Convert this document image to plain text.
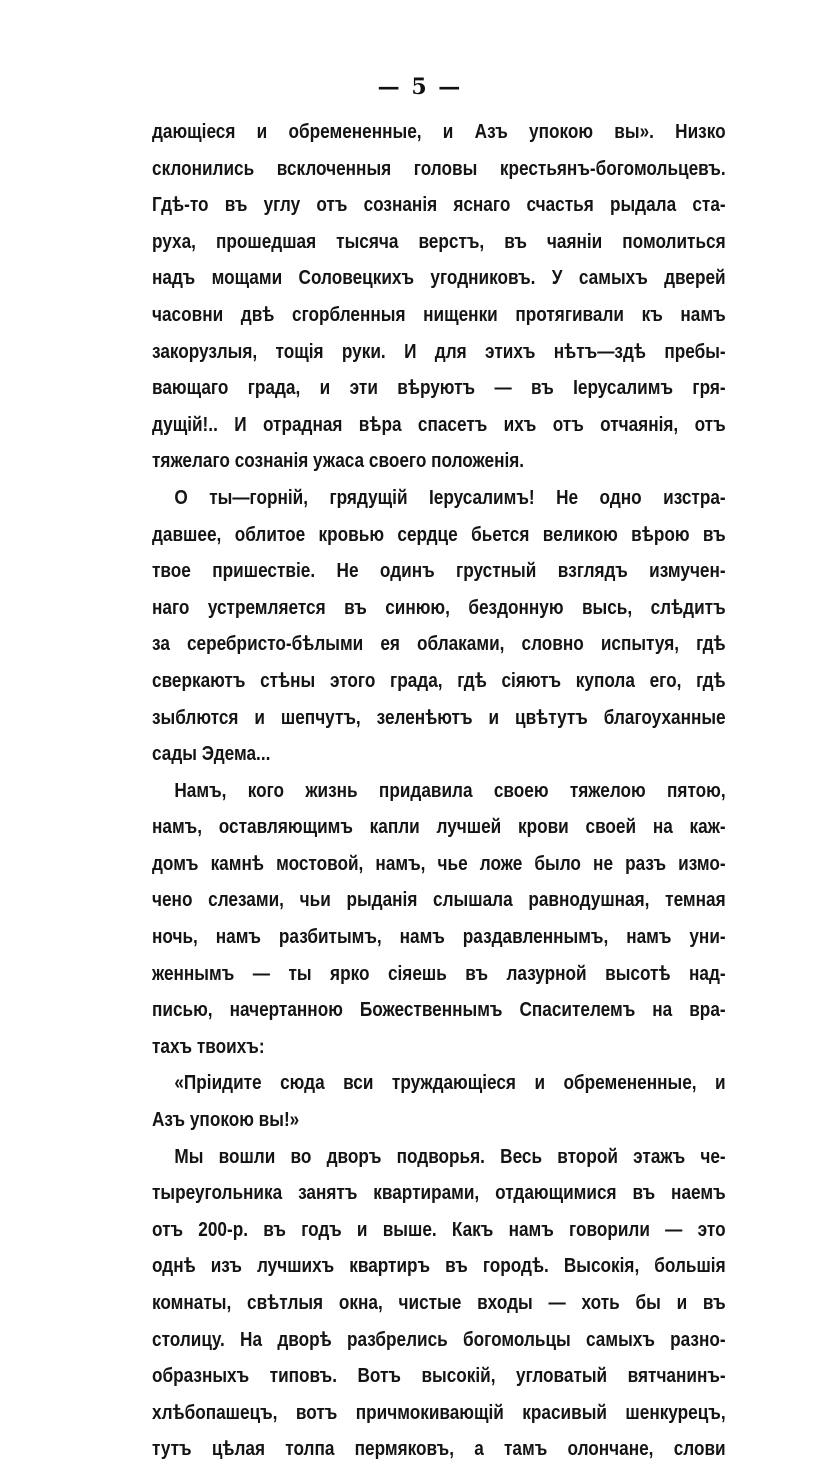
— 5 —
дающіеся и обремененные, и Азъ упокою вы». Низко
склонились всклоченныя головы крестьянъ-богомольцевъ.
Гдѣ-то въ углу отъ сознанія яснаго счастья рыдала ста-
руха, прошедшая тысяча верстъ, въ чаяніи помолиться
надъ мощами Соловецкихъ угодниковъ. У самыхъ дверей
часовни двѣ сгорбленныя нищенки протягивали къ намъ
закорузлыя, тощія руки. И для этихъ нѣтъ—здѣ пребы-
вающаго града, и эти вѣруютъ — въ Іерусалимъ гря-
дущій!.. И отрадная вѣра спасетъ ихъ отъ отчаянія, отъ
тяжелаго сознанія ужаса своего положенія.
О ты—горній, грядущій Іерусалимъ! Не одно изстра-
давшее, облитое кровью сердце бьется великою вѣрою въ
твое пришествіе. Не одинъ грустный взглядъ измучен-
наго устремляется въ синюю, бездонную высь, слѣдитъ
за серебристо-бѣлыми ея облаками, словно испытуя, гдѣ
сверкаютъ стѣны этого града, гдѣ сіяютъ купола его, гдѣ
зыблются и шепчутъ, зеленѣютъ и цвѣтутъ благоуханные
сады Эдема...
Намъ, кого жизнь придавила своею тяжелою пятою,
намъ, оставляющимъ капли лучшей крови своей на каж-
домъ камнѣ мостовой, намъ, чье ложе было не разъ измо-
чено слезами, чьи рыданія слышала равнодушная, темная
ночь, намъ разбитымъ, намъ раздавленнымъ, намъ уни-
женнымъ — ты ярко сіяешь въ лазурной высотѣ над-
писью, начертанною Божественнымъ Спасителемъ на вра-
тахъ твоихъ:
«Пріидите сюда вси труждающіеся и обремененные, и
Азъ упокою вы!»
Мы вошли во дворъ подворья. Весь второй этажъ че-
тыреугольника занятъ квартирами, отдающимися въ наемъ
отъ 200-р. въ годъ и выше. Какъ намъ говорили — это
однѣ изъ лучшихъ квартиръ въ городѣ. Высокія, большія
комнаты, свѣтлыя окна, чистые входы — хоть бы и въ
столицу. На дворѣ разбрелись богомольцы самыхъ разно-
образныхъ типовъ. Вотъ высокій, угловатый вятчанинъ-
хлѣбопашецъ, вотъ причмокивающій красивый шенкурецъ,
тутъ цѣлая толпа пермяковъ, а тамъ олончане, слови
